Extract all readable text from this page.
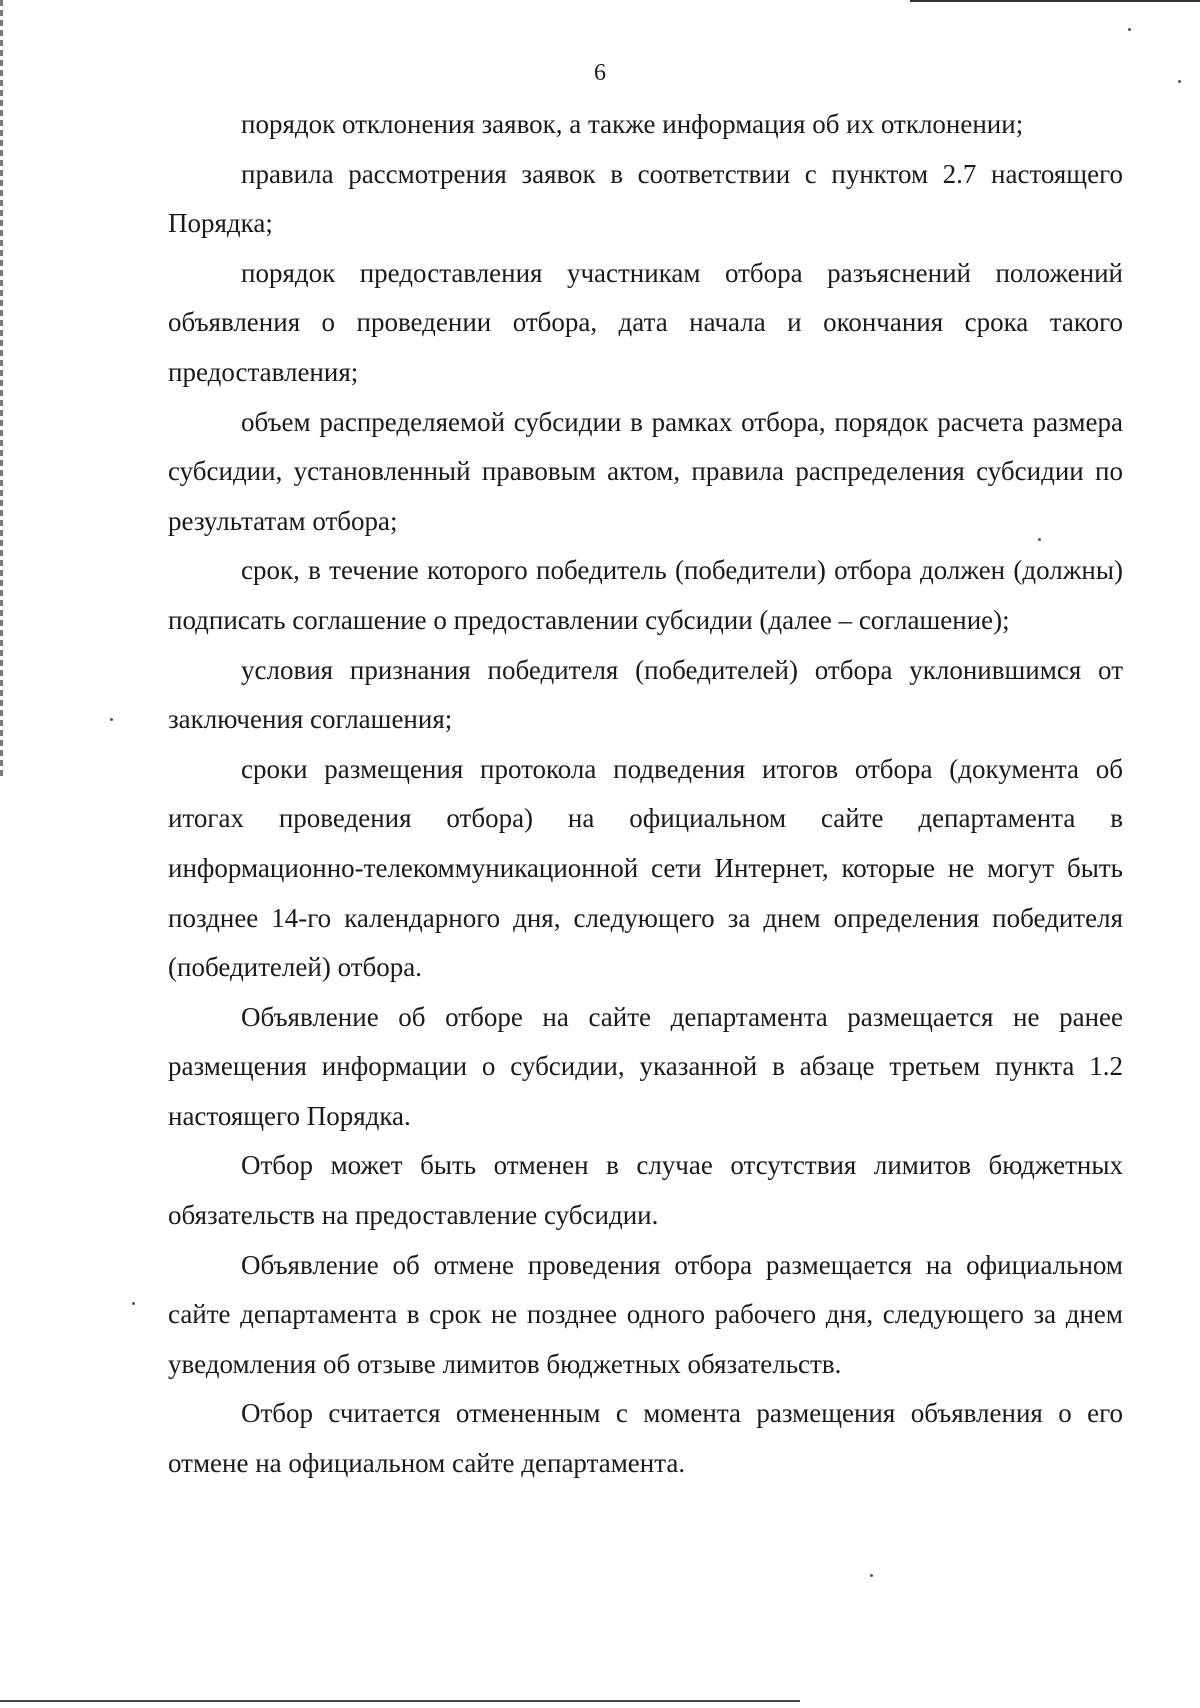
6

порядок отклонения заявок, а также информация об их отклонении;

правила рассмотрения заявок в соответствии с пунктом 2.7 настоящего Порядка;

порядок предоставления участникам отбора разъяснений положений объявления о проведении отбора, дата начала и окончания срока такого предоставления;

объем распределяемой субсидии в рамках отбора, порядок расчета размера субсидии, установленный правовым актом, правила распределения субсидии по результатам отбора;

срок, в течение которого победитель (победители) отбора должен (должны) подписать соглашение о предоставлении субсидии (далее – соглашение);

условия признания победителя (победителей) отбора уклонившимся от заключения соглашения;

сроки размещения протокола подведения итогов отбора (документа об итогах проведения отбора) на официальном сайте департамента в информационно-телекоммуникационной сети Интернет, которые не могут быть позднее 14-го календарного дня, следующего за днем определения победителя (победителей) отбора.

Объявление об отборе на сайте департамента размещается не ранее размещения информации о субсидии, указанной в абзаце третьем пункта 1.2 настоящего Порядка.

Отбор может быть отменен в случае отсутствия лимитов бюджетных обязательств на предоставление субсидии.

Объявление об отмене проведения отбора размещается на официальном сайте департамента в срок не позднее одного рабочего дня, следующего за днем уведомления об отзыве лимитов бюджетных обязательств.

Отбор считается отмененным с момента размещения объявления о его отмене на официальном сайте департамента.
